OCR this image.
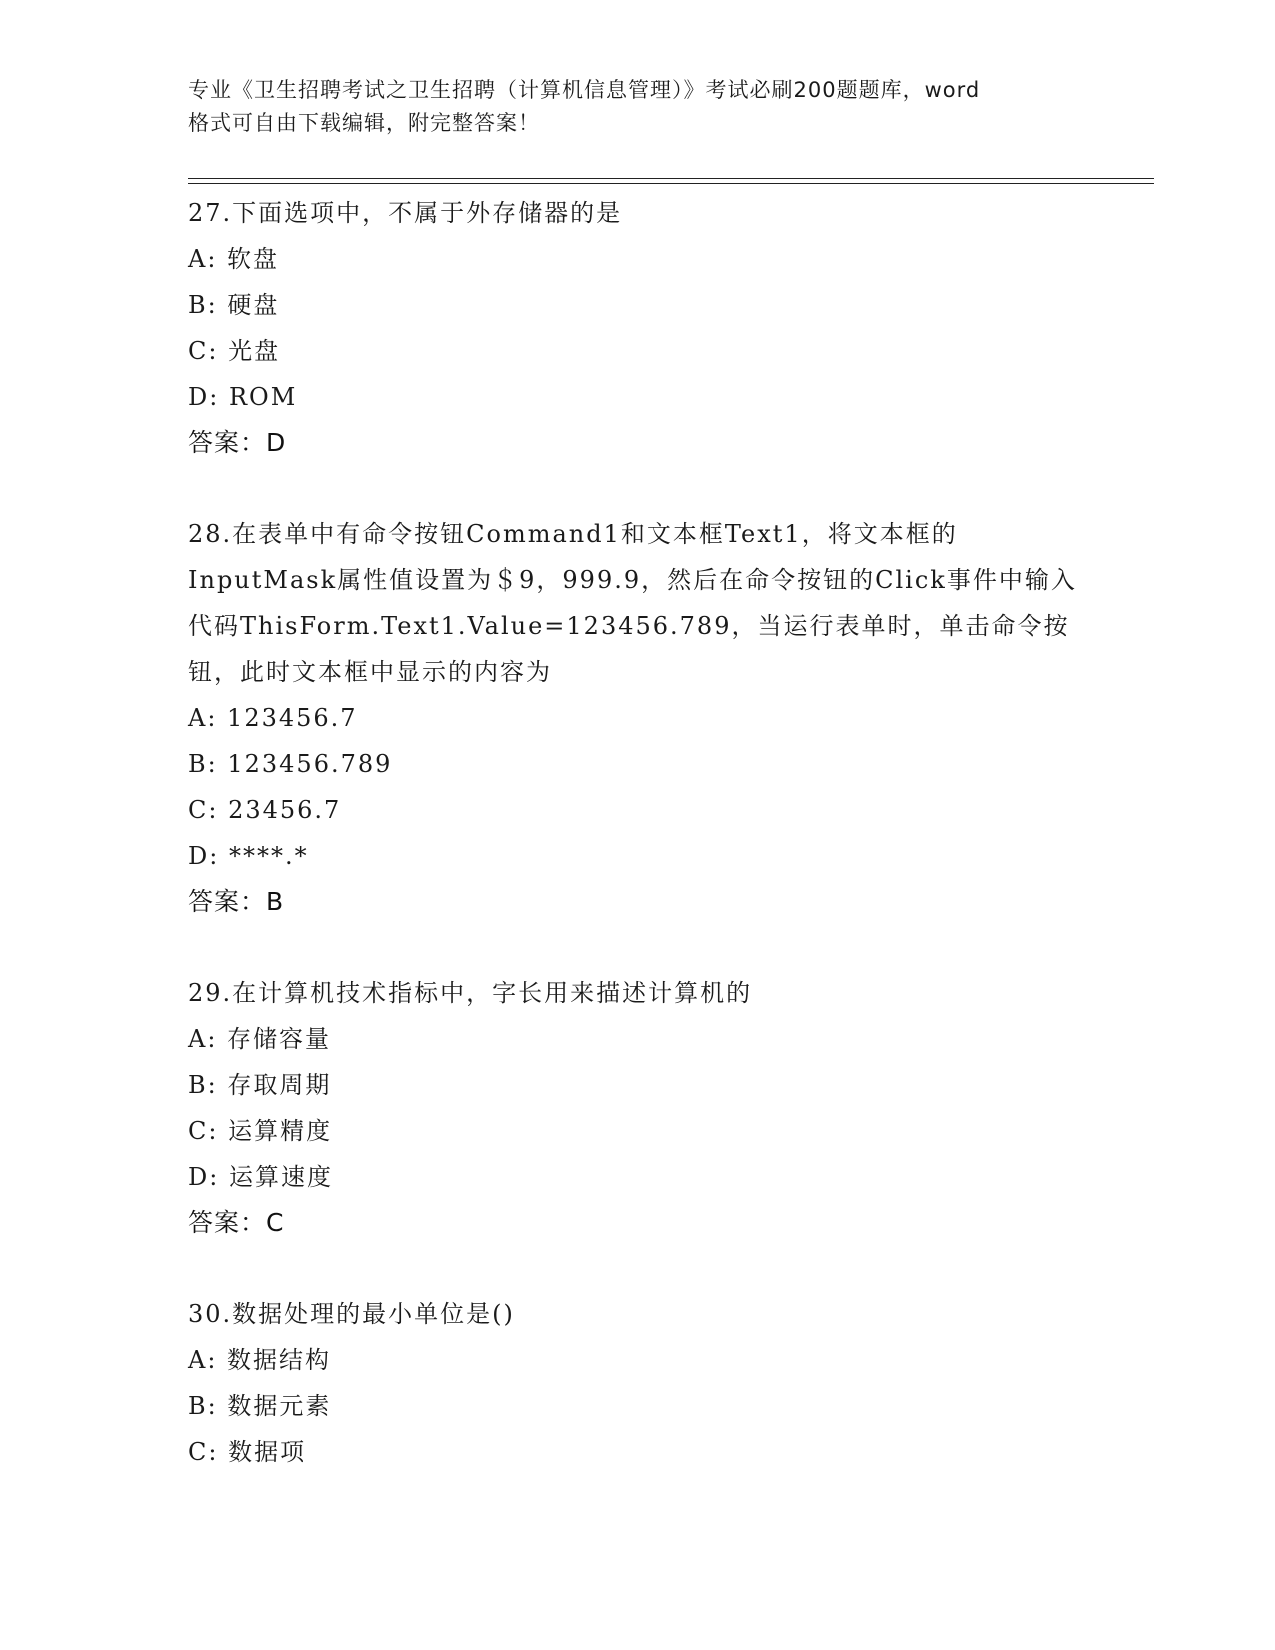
专业《卫生招聘考试之卫生招聘（计算机信息管理）》考试必刷200题题库，word
格式可自由下载编辑，附完整答案！
27.下面选项中，不属于外存储器的是
A: 软盘
B: 硬盘
C: 光盘
D: ROM
答案：D
28.在表单中有命令按钮Command1和文本框Text1，将文本框的InputMask属性值设置为＄9，999.9，然后在命令按钮的Click事件中输入代码ThisForm.Text1.Value=123456.789，当运行表单时，单击命令按钮，此时文本框中显示的内容为
A: 123456.7
B: 123456.789
C: 23456.7
D: ****.*
答案：B
29.在计算机技术指标中，字长用来描述计算机的
A: 存储容量
B: 存取周期
C: 运算精度
D: 运算速度
答案：C
30.数据处理的最小单位是()
A: 数据结构
B: 数据元素
C: 数据项
